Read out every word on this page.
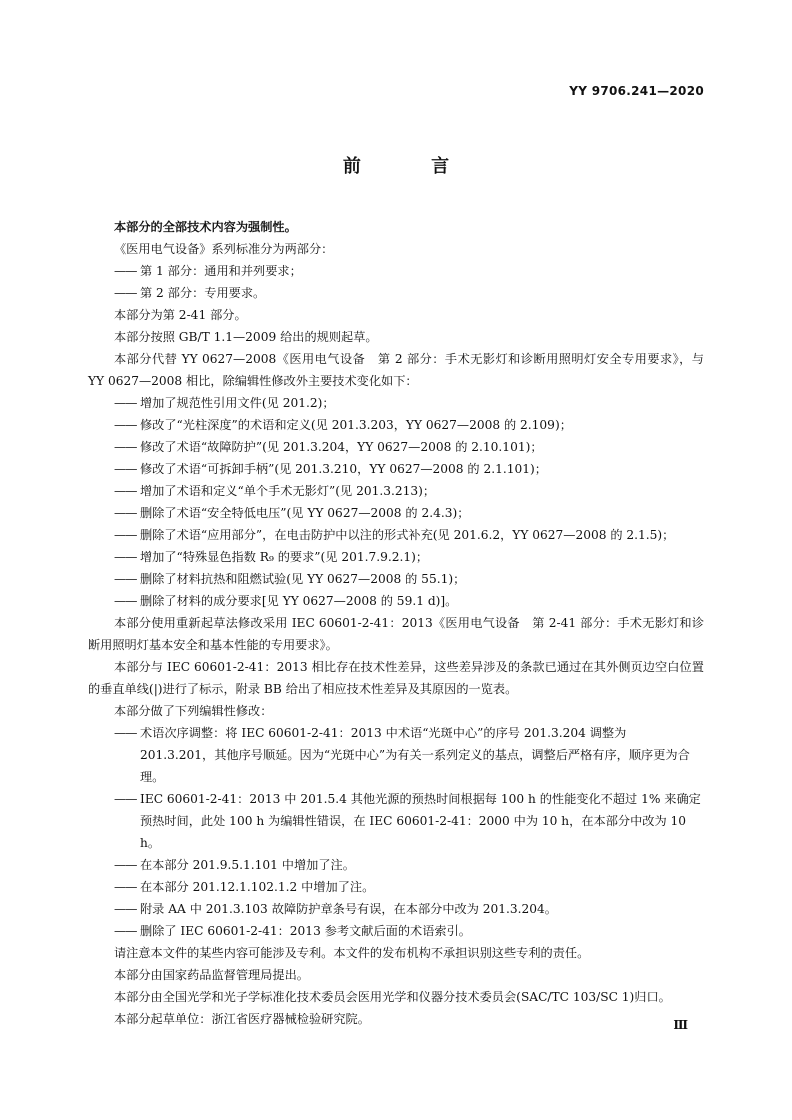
YY 9706.241—2020
前 言

本部分的全部技术内容为强制性。

《医用电气设备》系列标准分为两部分：

—— 第 1 部分：通用和并列要求；

—— 第 2 部分：专用要求。

本部分为第 2-41 部分。

本部分按照 GB/T 1.1—2009 给出的规则起草。

本部分代替 YY 0627—2008《医用电气设备　第 2 部分：手术无影灯和诊断用照明灯安全专用要求》，与 YY 0627—2008 相比，除编辑性修改外主要技术变化如下：

—— 增加了规范性引用文件(见 201.2)；

—— 修改了“光柱深度”的术语和定义(见 201.3.203，YY 0627—2008 的 2.109)；

—— 修改了术语“故障防护”(见 201.3.204，YY 0627—2008 的 2.10.101)；

—— 修改了术语“可拆卸手柄”(见 201.3.210，YY 0627—2008 的 2.1.101)；

—— 增加了术语和定义“单个手术无影灯”(见 201.3.213)；

—— 删除了术语“安全特低电压”(见 YY 0627—2008 的 2.4.3)；

—— 删除了术语“应用部分”，在电击防护中以注的形式补充(见 201.6.2，YY 0627—2008 的 2.1.5)；

—— 增加了“特殊显色指数 R₉ 的要求”(见 201.7.9.2.1)；

—— 删除了材料抗热和阻燃试验(见 YY 0627—2008 的 55.1)；

—— 删除了材料的成分要求[见 YY 0627—2008 的 59.1 d)]。

本部分使用重新起草法修改采用 IEC 60601-2-41：2013《医用电气设备　第 2-41 部分：手术无影灯和诊断用照明灯基本安全和基本性能的专用要求》。

本部分与 IEC 60601-2-41：2013 相比存在技术性差异，这些差异涉及的条款已通过在其外侧页边空白位置的垂直单线(|)进行了标示，附录 BB 给出了相应技术性差异及其原因的一览表。

本部分做了下列编辑性修改：

—— 术语次序调整：将 IEC 60601-2-41：2013 中术语“光斑中心”的序号 201.3.204 调整为 201.3.201，其他序号顺延。因为“光斑中心”为有关一系列定义的基点，调整后严格有序，顺序更为合理。

—— IEC 60601-2-41：2013 中 201.5.4 其他光源的预热时间根据每 100 h 的性能变化不超过 1% 来确定预热时间，此处 100 h 为编辑性错误，在 IEC 60601-2-41：2000 中为 10 h，在本部分中改为 10 h。

—— 在本部分 201.9.5.1.101 中增加了注。

—— 在本部分 201.12.1.102.1.2 中增加了注。

—— 附录 AA 中 201.3.103 故障防护章条号有误，在本部分中改为 201.3.204。

—— 删除了 IEC 60601-2-41：2013 参考文献后面的术语索引。

请注意本文件的某些内容可能涉及专利。本文件的发布机构不承担识别这些专利的责任。

本部分由国家药品监督管理局提出。

本部分由全国光学和光子学标准化技术委员会医用光学和仪器分技术委员会(SAC/TC 103/SC 1)归口。

本部分起草单位：浙江省医疗器械检验研究院。	Ⅲ
